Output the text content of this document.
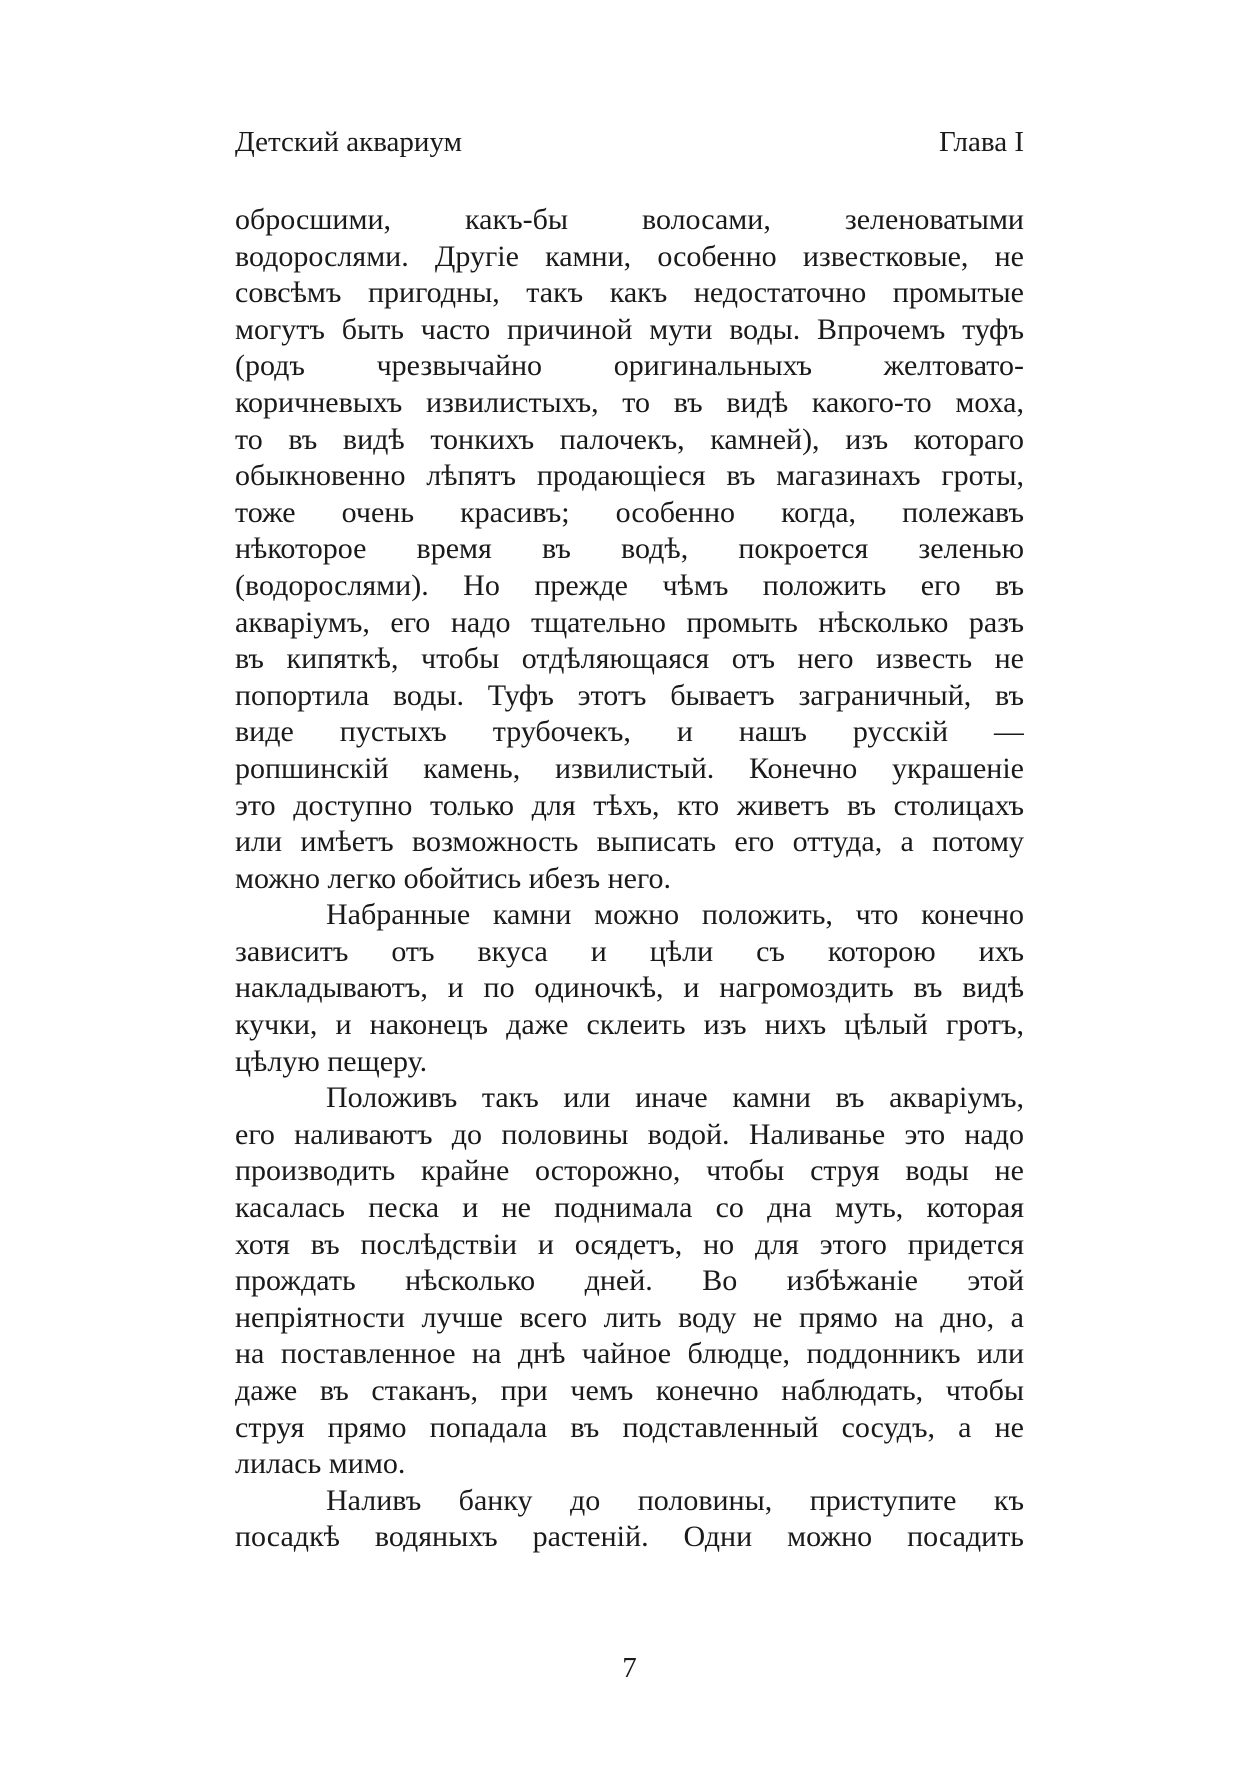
Детский аквариум	Глава I
обросшими, какъ-бы волосами, зеленоватыми
водорослями. Другіе камни, особенно известковые, не
совсѣмъ пригодны, такъ какъ недостаточно промытые
могутъ быть часто причиной мути воды. Впрочемъ туфъ
(родъ чрезвычайно оригинальныхъ желтовато-
коричневыхъ извилистыхъ, то въ видѣ какого-то моха,
то въ видѣ тонкихъ палочекъ, камней), изъ котораго
обыкновенно лѣпятъ продающіеся въ магазинахъ гроты,
тоже очень красивъ; особенно когда, полежавъ
нѣкоторое время въ водѣ, покроется зеленью
(водорослями). Но прежде чѣмъ положить его въ
акваріумъ, его надо тщательно промыть нѣсколько разъ
въ кипяткѣ, чтобы отдѣляющаяся отъ него известь не
попортила воды. Туфъ этотъ бываетъ заграничный, въ
виде пустыхъ трубочекъ, и нашъ русскій —
ропшинскій камень, извилистый. Конечно украшеніе
это доступно только для тѣхъ, кто живетъ въ столицахъ
или имѣетъ возможность выписать его оттуда, а потому
можно легко обойтись ибезъ него.
Набранные камни можно положить, что конечно
зависитъ отъ вкуса и цѣли съ которою ихъ
накладываютъ, и по одиночкѣ, и нагромоздить въ видѣ
кучки, и наконецъ даже склеить изъ нихъ цѣлый гротъ,
цѣлую пещеру.
Положивъ такъ или иначе камни въ акваріумъ,
его наливаютъ до половины водой. Наливанье это надо
производить крайне осторожно, чтобы струя воды не
касалась песка и не поднимала со дна муть, которая
хотя въ послѣдствіи и осядетъ, но для этого придется
прождать нѣсколько дней. Во избѣжаніе этой
непріятности лучше всего лить воду не прямо на дно, а
на поставленное на днѣ чайное блюдце, поддонникъ или
даже въ стаканъ, при чемъ конечно наблюдать, чтобы
струя прямо попадала въ подставленный сосудъ, а не
лилась мимо.
Наливъ банку до половины, приступите къ
посадкѣ водяныхъ растеній. Одни можно посадить
7
